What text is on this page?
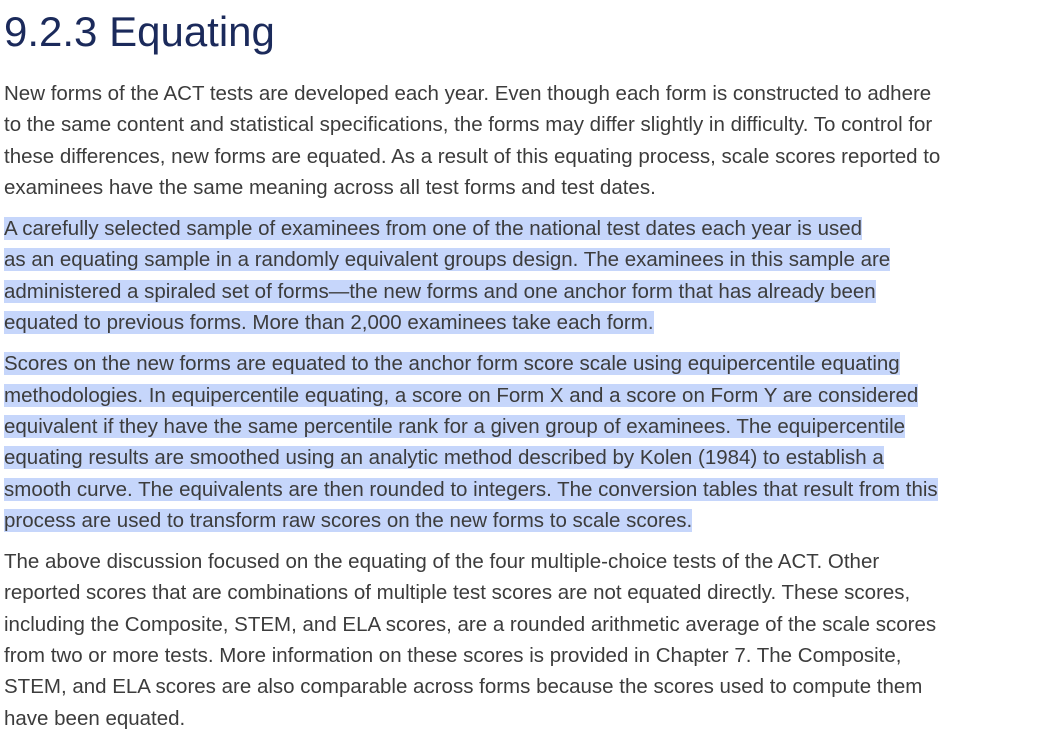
9.2.3 Equating
New forms of the ACT tests are developed each year. Even though each form is constructed to adhere
to the same content and statistical specifications, the forms may differ slightly in difficulty. To control for
these differences, new forms are equated. As a result of this equating process, scale scores reported to
examinees have the same meaning across all test forms and test dates.
A carefully selected sample of examinees from one of the national test dates each year is used
as an equating sample in a randomly equivalent groups design. The examinees in this sample are
administered a spiraled set of forms—the new forms and one anchor form that has already been
equated to previous forms. More than 2,000 examinees take each form.
Scores on the new forms are equated to the anchor form score scale using equipercentile equating
methodologies. In equipercentile equating, a score on Form X and a score on Form Y are considered
equivalent if they have the same percentile rank for a given group of examinees. The equipercentile
equating results are smoothed using an analytic method described by Kolen (1984) to establish a
smooth curve. The equivalents are then rounded to integers. The conversion tables that result from this
process are used to transform raw scores on the new forms to scale scores.
The above discussion focused on the equating of the four multiple-choice tests of the ACT. Other
reported scores that are combinations of multiple test scores are not equated directly. These scores,
including the Composite, STEM, and ELA scores, are a rounded arithmetic average of the scale scores
from two or more tests. More information on these scores is provided in Chapter 7. The Composite,
STEM, and ELA scores are also comparable across forms because the scores used to compute them
have been equated.
